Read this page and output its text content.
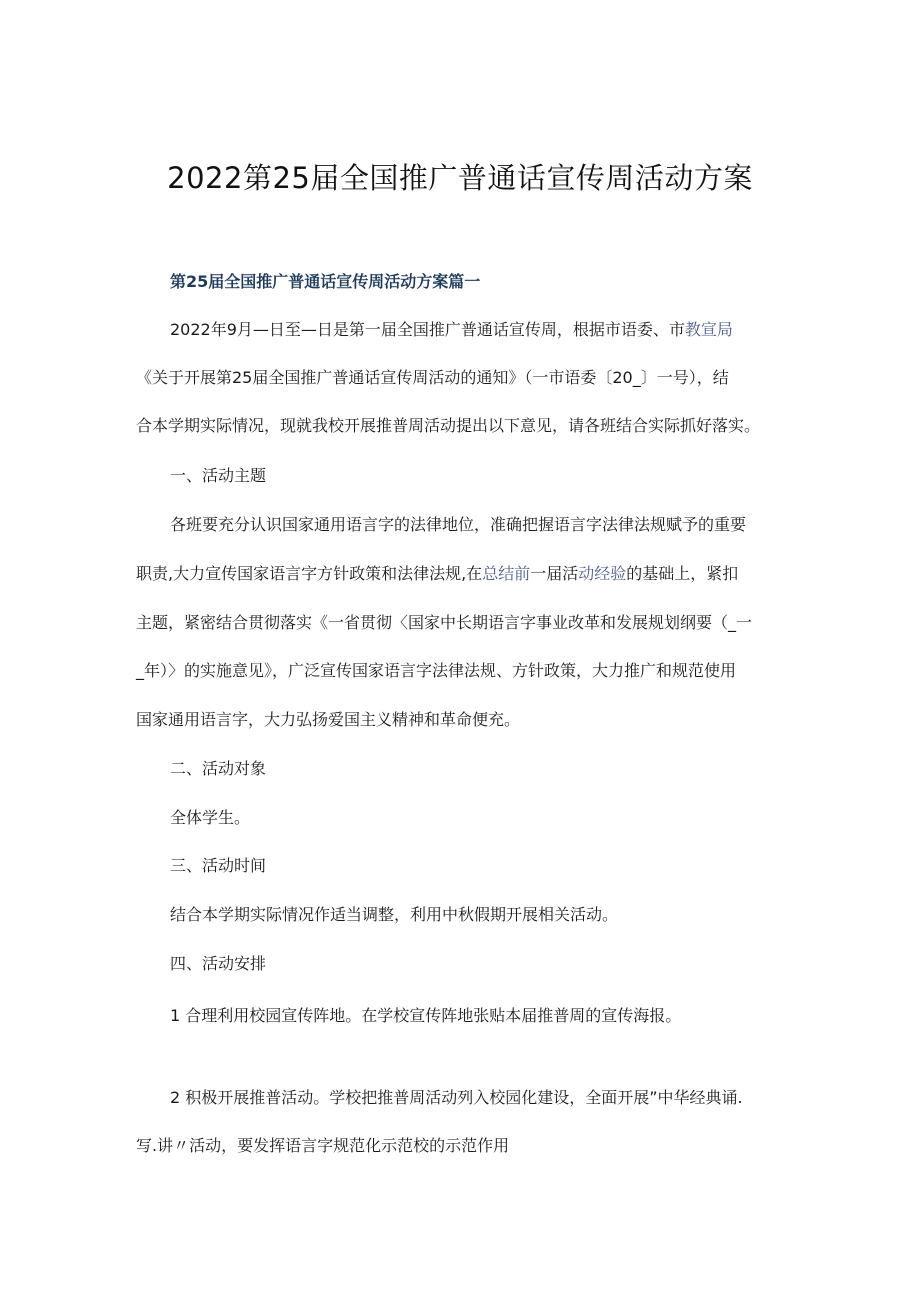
2022第25届全国推广普通话宣传周活动方案
第25届全国推广普通话宣传周活动方案篇一
2022年9月—日至—日是第一届全国推广普通话宣传周，根据市语委、市教宣局
《关于开展第25届全国推广普通话宣传周活动的通知》（一市语委〔20_〕一号），结
合本学期实际情况，现就我校开展推普周活动提出以下意见，请各班结合实际抓好落实。
一、活动主题
各班要充分认识国家通用语言字的法律地位，准确把握语言字法律法规赋予的重要
职责,大力宣传国家语言字方针政策和法律法规,在总结前一届活动经验的基础上，紧扣
主题，紧密结合贯彻落实《一省贯彻〈国家中长期语言字事业改革和发展规划纲要（_一
_年）〉的实施意见》，广泛宣传国家语言字法律法规、方针政策，大力推广和规范使用
国家通用语言字，大力弘扬爱国主义精神和革命便充。
二、活动对象
全体学生。
三、活动时间
结合本学期实际情况作适当调整，利用中秋假期开展相关活动。
四、活动安排
1 合理利用校园宣传阵地。在学校宣传阵地张贴本届推普周的宣传海报。
2 积极开展推普活动。学校把推普周活动列入校园化建设，全面开展”中华经典诵.
写.讲〃活动，要发挥语言字规范化示范校的示范作用
